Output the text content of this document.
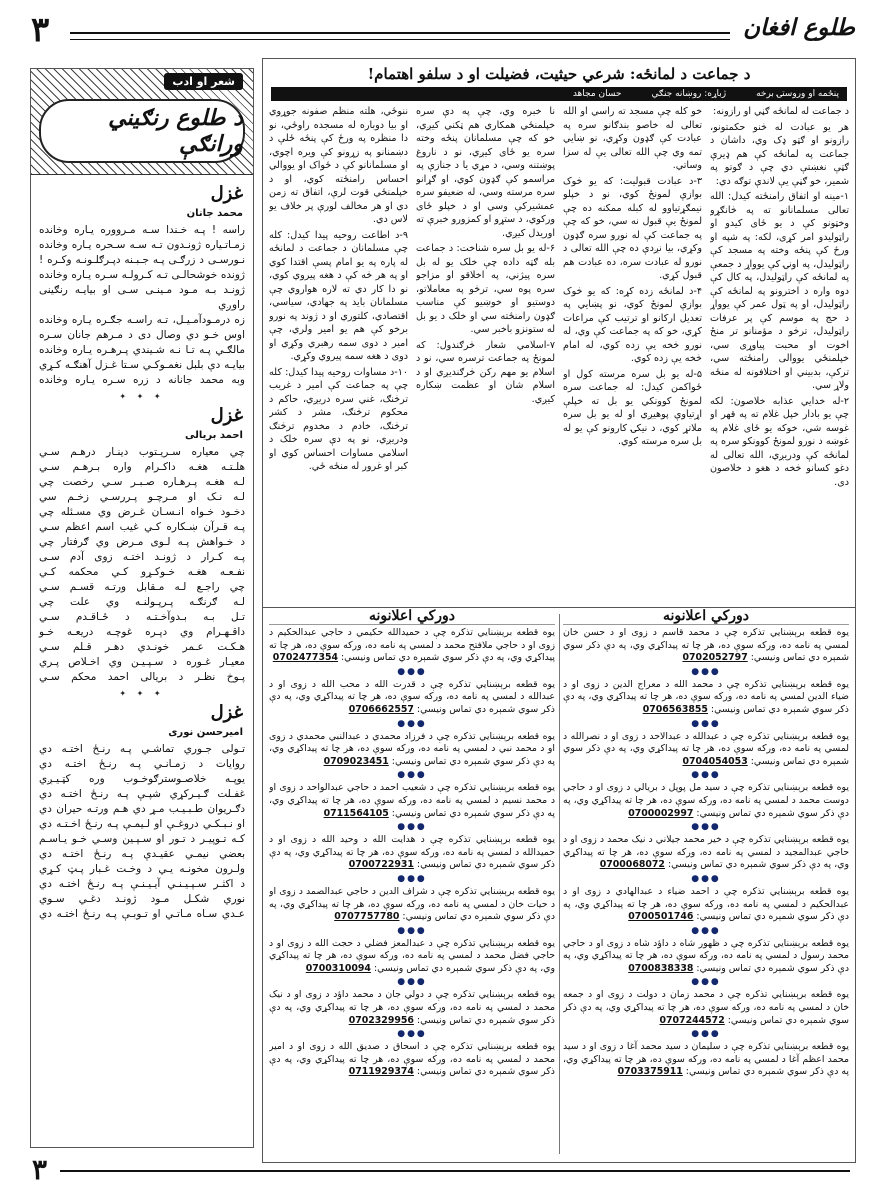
۳	طلوع افغان
شعر او ادب
د طلوع رنګیني ورانګې
غزل
محمد جانان

راسه ! پـه خـندا سـه مـرووره یـاره وخانده

زمـاتـیاره ژونـدون تـه سـه سـحره یـاره وخانده

نـورسـی د زرګـی پـه جـبـنه دپـرګلـونـه وکـره !

ژونده خوشحالـی تـه کـرولـه سـره یـاره وخانده

ژونـد بـه مـود مـینـی سـی او بیایـه رنګینی راوږي

زه درمـودآمـیـل، تـه راسـه جګـره یـاره وخانده

اوس خـو دي وصال دی د مـرهم جانان سـره

مالګـي پـه تـا نـه شـیندي پـرهـره یـاره وخانده

بیایـه دې بلبل نغمـوکـي سـتا غـزل آهنګـه کـړي

وبه محمد جانانه د زره سـره یـاره وخانده

✦ ✦ ✦
غزل
احمد بریالی

چي معیاره سـریـتوب دینـار درهـم سـي

هلـتـه هغـه داکـرام واره بـرهـم سـي

لـه هغـه پـرهـاره صـبـر سـي رخصت چي

لـه نـک او مـرچـو پـررسـي زخـم سي

دخـود خـواه انـسـان غـرض وي مسـئله چي

پـه قـرآن ښـکاره کـي غیب اسم اعظم سـي

د خـواهش پـه لـوی مـرض وي ګرفتار چي

پـه کـرار د ژونـد اختـه زوی آدم سـی

نفـعـه هغـه خـوکـړو کـي محکمه کـي

چي راجـع لـه مـقابل ورتـه قسـم سـي

لـه ګرنګـه پـرپـولنـه وي علت چي

تـل بـه بـدوآخـتـه د ځـاقـدم سـي

داقـهـرام وي دپـره غوچـه دریعـه خـو

هـکـت عـمر خونـدي دهـر قـلم سـي

معیـار غـوره د سـپـیـن وي اخـلاص پـري

پـوخ نظـر د بریالی احمد محکم سـي

✦ ✦ ✦
غزل
امیرحسن نوری

تـولی جـوري تماشـي پـه رنـځ اختـه دي

روایات د زمـانـي پـه رنـځ اختـه دي

یوپـه خلاصـوسترګوخـوب وره کټـیـږي

غفـلت ګـیـرکړي شپـې پـه رنـځ اختـه دي

دګـریوان طـبـیـب مـړ دي هـم ورتـه حیران دي

او نـبـکـي دروغـې او لـیمـې پـه رنـځ اخـتـه دي

کـه تـوپیـر د تـور او سـپـین وسـي خـو یـاسـم

بعضي نیمـي عقیـدې پـه رنـځ اختـه دي

ولـرون مخونـه یـي د وخـت غـبار پـټ کـړي

د اکثـر سـپـیـنـي آیـیـنـې پـه رنـځ اختـه دي

نوري شکـل مـود ژونـد دغـي سـوي

عـدي سـاه مـاتـي او تـوبـې پـه رنـځ اختـه دي

د جماعت د لمانځه: شرعي حیثیت، فضیلت او د سلفو اهتمام!
پنځمه او وروستۍ برخه
ژباړه: روښانه جنګي
حسان مجاهد

د جماعت له لمانځه ګڼي او رازونه:

هر یو عبادت له څنو حکمتونو، رازونو او ګټو ډک وي، داشان د جماعت په لمانځه کې هم ډیرې ګټې نغښتې دي چې د ګوتو په شمیر، خو ګڼې یې لاندې توګه دي:

۱-مینه او اتفاق رامنځته کیدل: الله تعالی مسلمانانو ته په څانګړو وخټونو کې د یو ځای کیدو او راټولیدو امر کړی، لکه: په شپه او ورځ کې پنځه وخته په مسجد کې راټولیدل، په اونۍ کې یوواړ د جمعې په لمانځه کې راټولیدل، په کال کې دوه واره د اخترونو په لمانځه کې راټولیدل، او په ټول عمر کې یوواړ د حج په موسم کې پر عرفات راټولیدل، ترڅو د مؤمنانو تر منځ اخوت او محبت پیاوړی سي، خپلمنځي یووالی رامنځته سي، ترکې، بدبیني او اختلافونه له منځه ولاړ سي.

۲-له خدایي عذابه خلاصون: لکه چې یو بادار خپل غلام ته په قهر او غوسه شي، خوکه یو ځای غلام په غوښه د نورو لمونځ کوونکو سره په لمانځه کې ودریږي، الله تعالی له دغو کسانو څخه د هغو د خلاصون دی.

خو کله چې مسجد ته راسي او الله تعالی له خاصو بندګانو سره په عبادت کې ګډون وکړي، نو ښایي تمه وي چې الله تعالی یې له سزا وساتي.

۳-د عبادت قبولیت: که یو څوک بوازې لمونځ کوي، نو د خپلو نیمګړتیاوو له کبله ممکنه ده چې لمونځ یې قبول نه سي، خو که چې په جماعت کې له نورو سره ګډون وکړي، بیا نږدې ده چې الله تعالی د نورو له عبادت سره، ده عبادت هم قبول کړي.

۴-د لمانځه زده کړه: که یو څوک بوازې لمونځ کوي، نو پښایي په تعدیل ارکانو او ترتیب کې مراعات کړي، خو که په جماعت کې وي، له نورو څخه یې زده کوي، له امام څخه یې زده کوي.

۵-له یو بل سره مرسته کول او ځواکمن کیدل: له جماعت سره لمونځ کوونکي یو بل ته خپلې اړتیاوې پوهیږي او له یو بل سره ملاتړ کوي، د نیکۍ کارونو کې یو له بل سره مرسته کوي.

نا خبره وي، چې په دې سره خپلمنځي همکاري هم ټکني کیږي، خو که چې مسلمانان پنځه وخته سره یو ځای کیږي، نو د ناروغ پوښتنه وسي، د مړي یا د جنازې په مراسمو کې ګډون کوي، او ګړانو سره مرسته وسي، له ضعیفو سره عمشیرکې وسي او د خپلو ځای ورکوي، د ستړو او کمزورو خبرې ته اوریدل کیږي.

۶-له یو بل سره شناخت: د جماعت بله ګټه داده چې خلک یو له بل سره پیژني، په اخلاقو او مزاجو سره پوه سي، ترڅو په معاملاتو، دوستیو او خوښیو کې مناسب ګډون رامنځته سي او خلک د یو بل له ستونزو باخبر سي.

۷-اسلامي شعار څرګندول: که لمونځ په جماعت ترسره سي، نو د اسلام یو مهم رکن څرګندیږي او د اسلام شان او عظمت ښکاره کیږي.

ننوځي، هلته منظم صفونه جوړوي او بیا دوباره له مسجده راوځي، نو دا منظره په ورځ کې پنځه ځلې د دښمنانو په زړونو کې ویره اچوي، او مسلمانانو کې د ځواک او یووالي احساس رامنځته کوي، او د خپلمنځي قوت لرې، اتفاق ته زمن دي او هر مخالف لورې پر خلاف یو لاس دي.

۹-د اطاعت روحیه پیدا کیدل: کله چې مسلمانان د جماعت د لمانځه له پاره په یو امام پسې اقتدا کوي او په هر څه کې د هغه پیروي کوي، نو دا کار دي ته لاره هواروي چې مسلمانان باید په جهادي، سیاسي، اقتصادي، کلتوري او د ژوند په نورو برخو کې هم یو امیر ولري، چې امیر د دوی سمه رهبري وکړي او دوی د هغه سمه پیروي وکړي.

۱۰-د مساوات روحیه پیدا کیدل: کله چې په جماعت کې امیر د غریب ترڅنګ، غني سره دریږي، حاکم د محکوم ترڅنګ، مشر د کشر ترڅنګ، خادم د مخدوم ترڅنګ ودریږي، نو په دې سره خلک د اسلامي مساوات احساس کوي او کبر او غرور له منځه ځي.

دورکي اعلانونه

یوه قطعه برېښنایي تذکره چې د محمد قاسم د زوی او د حسن خان لمسي په نامه ده، ورکه سوې ده، هر چا ته پیداکړي وي، په دې ذکر سوي شمېره دي تماس ونیسي: 0702052797

●●●

یوه قطعه برېښنایي تذکره چې د محمد الله د معراج الدین د زوی او د ضیاء الدین لمسي په نامه ده، ورکه سوې ده، هر چا ته پیداکړي وي، په دې ذکر سوي شمېره دي تماس ونیسي: 0706563855

●●●

یوه قطعه برېښنایي تذکره چې د عبدالله د عبدالاحد د زوی او د نصرالله د لمسي په نامه ده، ورکه سوې ده، هر چا ته پیداکړي وي، په دې ذکر سوي شمېره دي تماس ونیسي: 0704054053

●●●

یوه قطعه برېښنایي تذکره چې د سید مل پوپل د بریالي د زوی او د حاجي دوست محمد د لمسي په نامه ده، ورکه سوې ده، هر چا ته پیداکړي وي، په دې ذکر سوي شمېره دي تماس ونیسي: 0700002997

●●●

یوه قطعه برېښنایي تذکره چې د خیر محمد جیلاني د نیک محمد د زوی او د حاجي عبدالمجید د لمسي په نامه ده، ورکه سوې ده، هر چا ته پیداکړي وي، په دې ذکر سوي شمېره دي تماس ونیسي: 0700068072

●●●

یوه قطعه برېښنایي تذکره چې د احمد ضیاء د عبدالهادي د زوی او د عبدالحکیم د لمسي په نامه ده، ورکه سوې ده، هر چا ته پیداکړي وي، په دې ذکر سوي شمېره دي تماس ونیسي: 0700501746

●●●

یوه قطعه برېښنایي تذکره چې د ظهور شاه د داؤد شاه د زوی او د حاجي محمد رسول د لمسي په نامه ده، ورکه سوې ده، هر چا ته پیداکړي وي، په دې ذکر سوي شمېره دي تماس ونیسي: 0700838338

●●●

یوه قطعه برېښنایي تذکره چې د محمد زمان د دولت د زوی او د جمعه خان د لمسي په نامه ده، ورکه سوې ده، هر چا ته پیداکړي وي، په دې ذکر سوي شمېره دي تماس ونیسي: 0707244572

●●●

یوه قطعه برېښنایي تذکره چې د سلیمان د سید محمد آغا د زوی او د سید محمد اعظم آغا د لمسي په نامه ده، ورکه سوې ده، هر چا ته پیداکړي وي، په دې ذکر سوي شمېره دي تماس ونیسي: 0703375911

دورکي اعلانونه

یوه قطعه برېښنایي تذکره چې د حمیدالله حکیمي د حاجي عبدالحکیم د زوی او د حاجي ملافتح محمد د لمسي په نامه ده، ورکه سوې ده، هر چا ته پیداکړي وي، په دې ذکر سوي شمېره دي تماس ونیسي: 0702477354

●●●

یوه قطعه برېښنایي تذکره چې د قدرت الله د محب الله د زوی او د عبدالله د لمسي په نامه ده، ورکه سوې ده، هر چا ته پیداکړي وي، په دې ذکر سوي شمېره دي تماس ونیسي: 0706662557

●●●

یوه قطعه برېښنایي تذکره چې د فرزاد محمدي د عبدالنبي محمدي د زوی او د محمد نبي د لمسي په نامه ده، ورکه سوې ده، هر چا ته پیداکړي وي، په دې ذکر سوي شمېره دي تماس ونیسي: 0709023451

●●●

یوه قطعه برېښنایي تذکره چې د شعیب احمد د حاجي عبدالواحد د زوی او د محمد نسیم د لمسي په نامه ده، ورکه سوې ده، هر چا ته پیداکړي وي، په دې ذکر سوي شمېره دي تماس ونیسي: 0711564105

●●●

یوه قطعه برېښنایي تذکره چې د هدایت الله د وحید الله د زوی او د حمیدالله د لمسي په نامه ده، ورکه سوې ده، هر چا ته پیداکړي وي، په دې ذکر سوي شمېره دي تماس ونیسي: 0700722931

●●●

یوه قطعه برېښنایي تذکره چې د شراف الدین د حاجي عبدالصمد د زوی او د حیات خان د لمسي په نامه ده، ورکه سوې ده، هر چا ته پیداکړي وي، په دې ذکر سوي شمېره دي تماس ونیسي: 0707757780

●●●

یوه قطعه برېښنایي تذکره چې د عبدالمعز فضلي د حجت الله د زوی او د حاجي فضل محمد د لمسي په نامه ده، ورکه سوې ده، هر چا ته پیداکړي وي، په دې ذکر سوي شمېره دي تماس ونیسي: 0700310094

●●●

یوه قطعه برېښنایي تذکره چې د دولي جان د محمد داؤد د زوی او د نیک محمد د لمسي په نامه ده، ورکه سوې ده، هر چا ته پیداکړي وي، په دې ذکر سوي شمېره دي تماس ونیسي: 0702329956

●●●

یوه قطعه برېښنایي تذکره چې د اسحاق د صدیق الله د زوی او د امیر محمد د لمسي په نامه ده، ورکه سوې ده، هر چا ته پیداکړي وي، په دې ذکر سوي شمېره دي تماس ونیسي: 0711929374

۳
